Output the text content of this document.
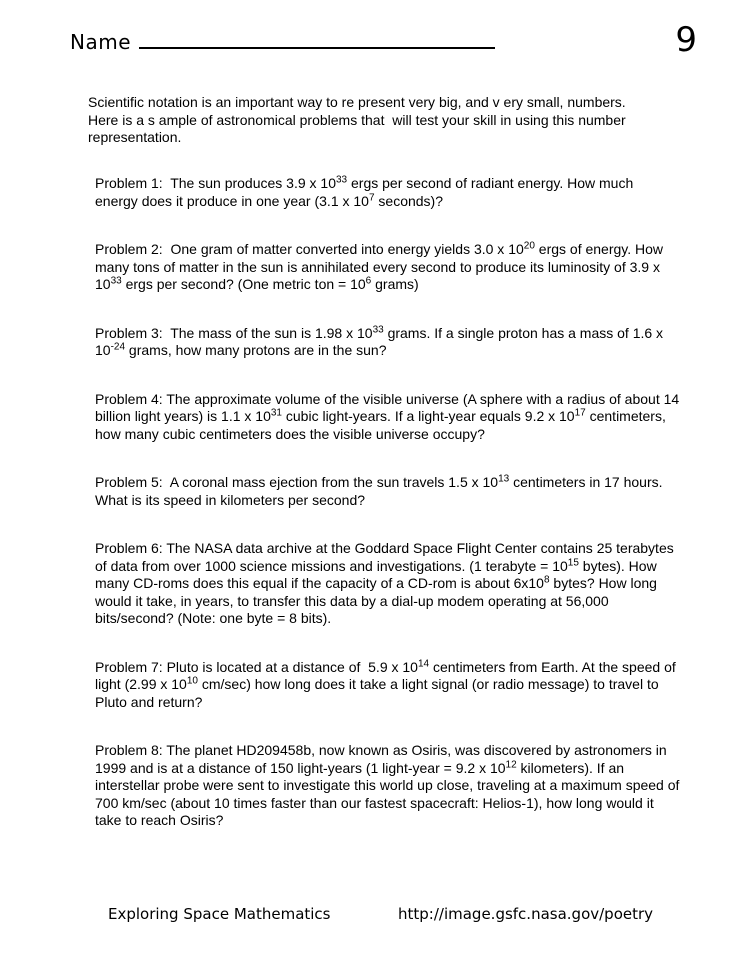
Name	9
Scientific notation is an important way to re present very big, and v ery small, numbers.
Here is a s ample of astronomical problems that  will test your skill in using this number
representation.
Problem 1:  The sun produces 3.9 x $10^{33}$ ergs per second of radiant energy. How much
energy does it produce in one year (3.1 x $10^7$ seconds)?
Problem 2:  One gram of matter converted into energy yields 3.0 x $10^{20}$ ergs of energy. How
many tons of matter in the sun is annihilated every second to produce its luminosity of 3.9 x
$10^{33}$ ergs per second? (One metric ton = $10^6$ grams)
Problem 3:  The mass of the sun is 1.98 x $10^{33}$ grams. If a single proton has a mass of 1.6 x
$10^{-24}$ grams, how many protons are in the sun?
Problem 4: The approximate volume of the visible universe (A sphere with a radius of about 14
billion light years) is 1.1 x $10^{31}$ cubic light-years. If a light-year equals 9.2 x $10^{17}$ centimeters,
how many cubic centimeters does the visible universe occupy?
Problem 5:  A coronal mass ejection from the sun travels 1.5 x $10^{13}$ centimeters in 17 hours.
What is its speed in kilometers per second?
Problem 6: The NASA data archive at the Goddard Space Flight Center contains 25 terabytes
of data from over 1000 science missions and investigations. (1 terabyte = $10^{15}$ bytes). How
many CD-roms does this equal if the capacity of a CD-rom is about $6x10^8$ bytes? How long
would it take, in years, to transfer this data by a dial-up modem operating at 56,000
bits/second? (Note: one byte = 8 bits).
Problem 7: Pluto is located at a distance of  5.9 x $10^{14}$ centimeters from Earth. At the speed of
light (2.99 x $10^{10}$ cm/sec) how long does it take a light signal (or radio message) to travel to
Pluto and return?
Problem 8: The planet HD209458b, now known as Osiris, was discovered by astronomers in
1999 and is at a distance of 150 light-years (1 light-year = 9.2 x $10^{12}$ kilometers). If an
interstellar probe were sent to investigate this world up close, traveling at a maximum speed of
700 km/sec (about 10 times faster than our fastest spacecraft: Helios-1), how long would it
take to reach Osiris?
Exploring Space Mathematics	http://image.gsfc.nasa.gov/poetry
